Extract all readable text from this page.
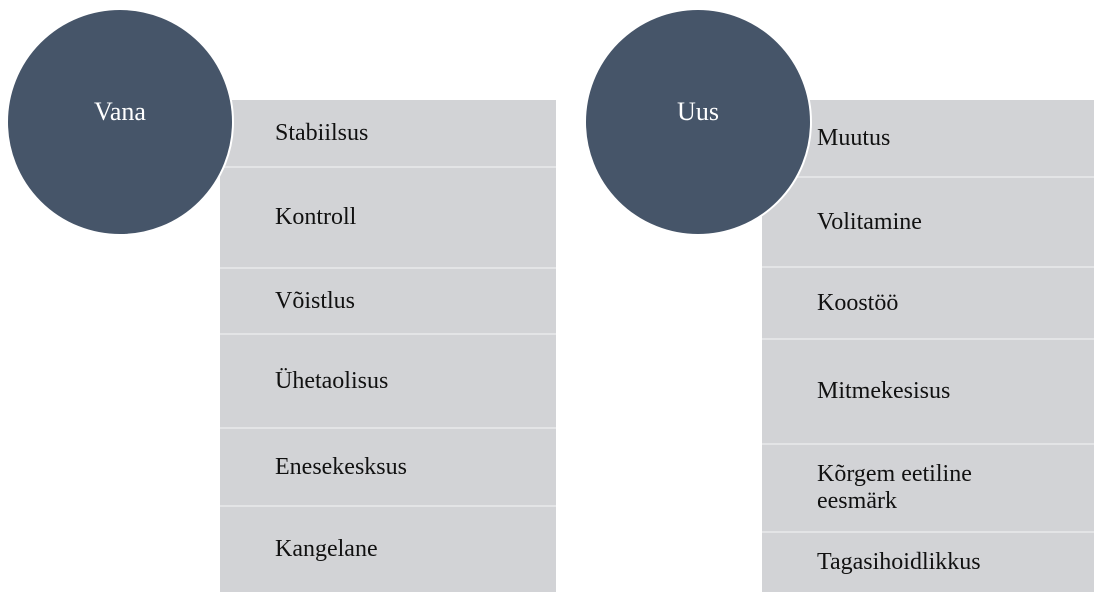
Stabiilsus
Kontroll
Võistlus
Ühetaolisus
Enesekesksus
Kangelane
Vana
Muutus
Volitamine
Koostöö
Mitmekesisus
Kõrgem eetiline eesmärk
Tagasihoidlikkus
Uus
